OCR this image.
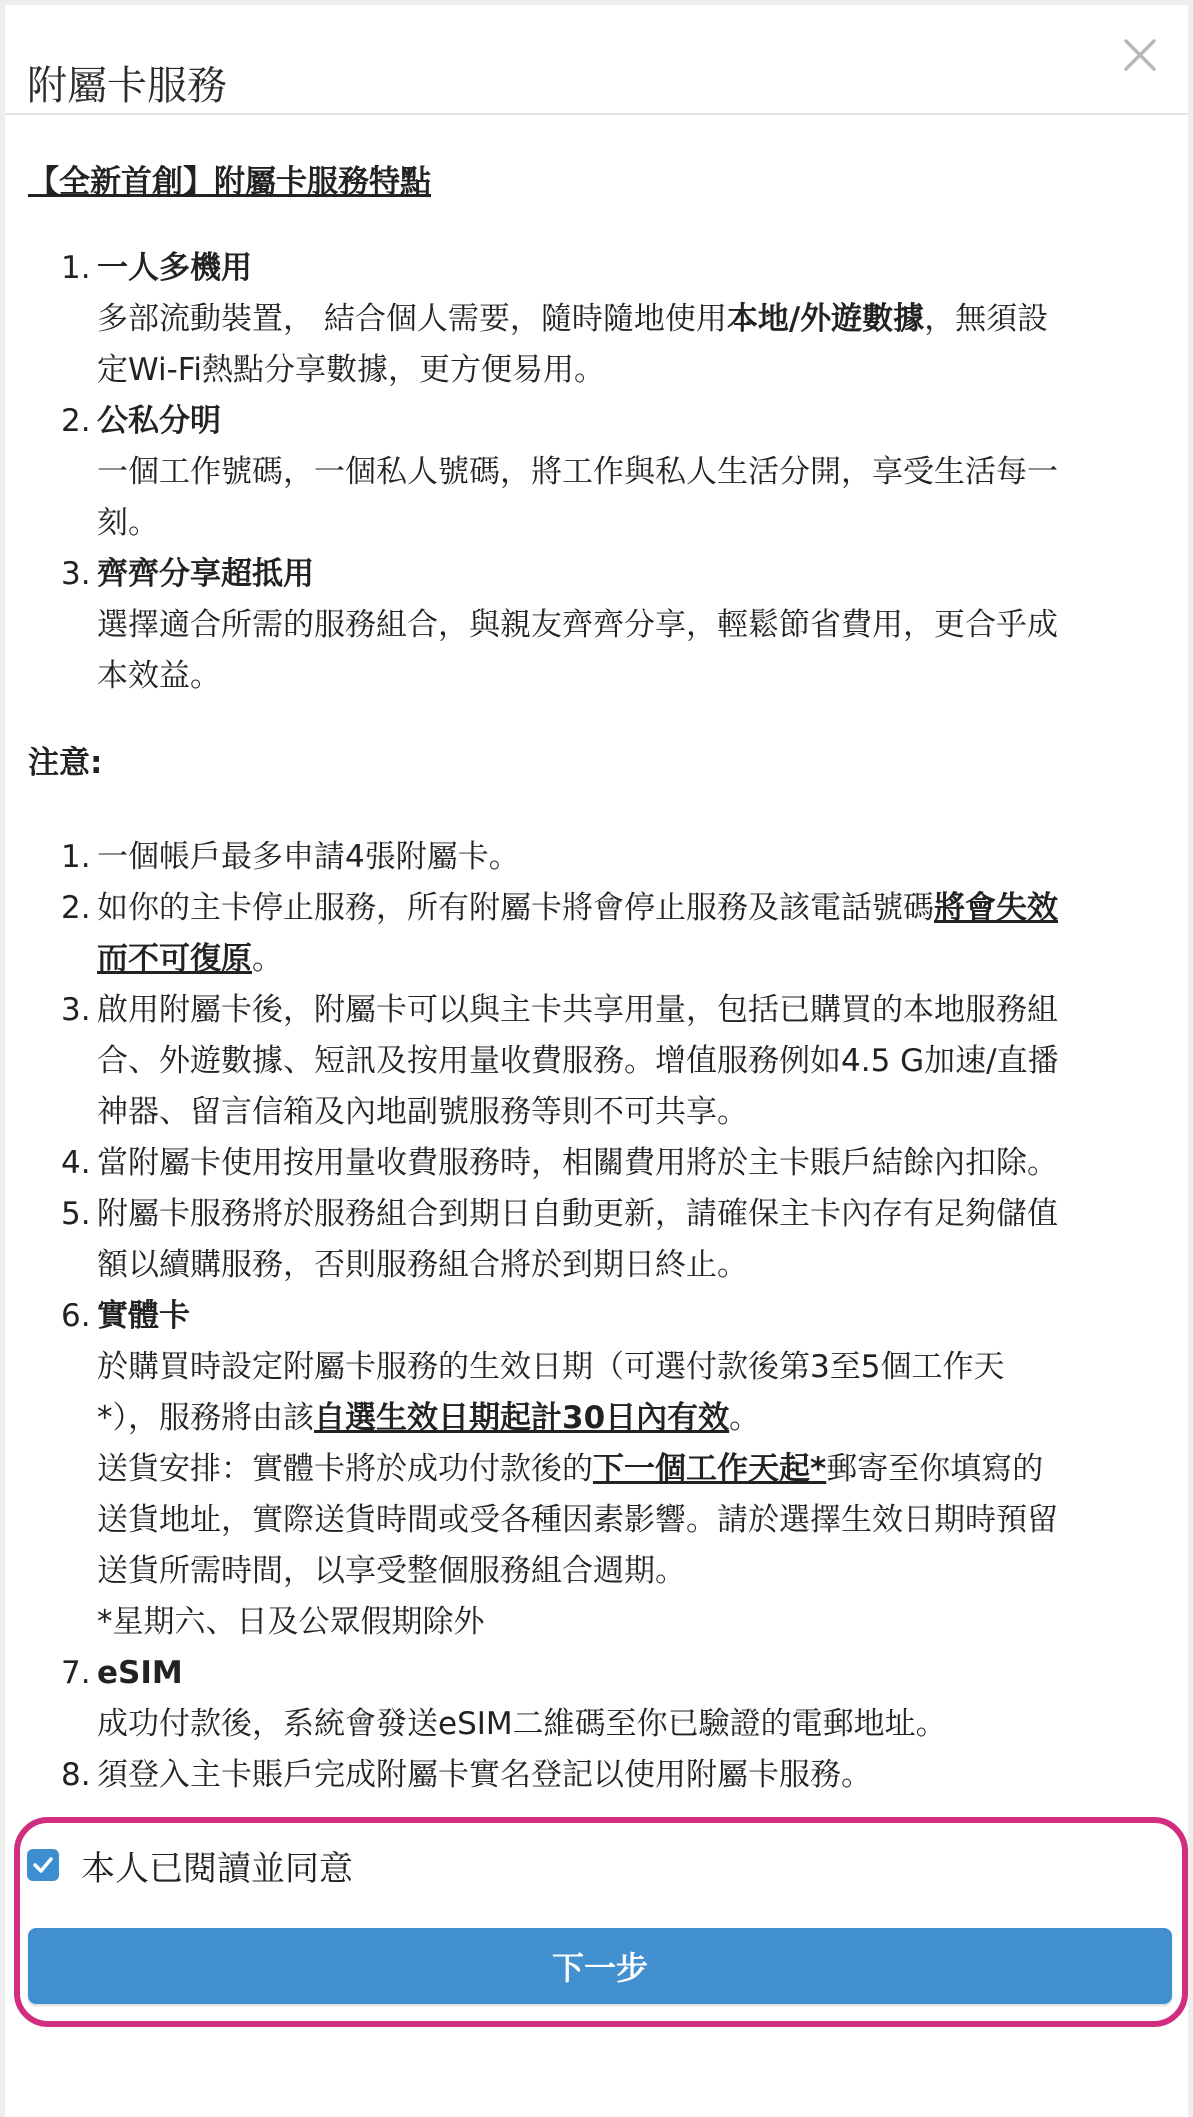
附屬卡服務

【全新首創】附屬卡服務特點

1. 一人多機用
多部流動裝置， 結合個人需要，隨時隨地使用本地/外遊數據，無須設
定Wi-Fi熱點分享數據，更方便易用。
2. 公私分明
一個工作號碼，一個私人號碼，將工作與私人生活分開，享受生活每一
刻。
3. 齊齊分享超抵用
選擇適合所需的服務組合，與親友齊齊分享，輕鬆節省費用，更合乎成
本效益。

注意:

1. 一個帳戶最多申請4張附屬卡。
2. 如你的主卡停止服務，所有附屬卡將會停止服務及該電話號碼將會失效
而不可復原。
3. 啟用附屬卡後，附屬卡可以與主卡共享用量，包括已購買的本地服務組
合、外遊數據、短訊及按用量收費服務。增值服務例如4.5 G加速/直播
神器、留言信箱及內地副號服務等則不可共享。
4. 當附屬卡使用按用量收費服務時，相關費用將於主卡賬戶結餘內扣除。
5. 附屬卡服務將於服務組合到期日自動更新，請確保主卡內存有足夠儲值
額以續購服務，否則服務組合將於到期日終止。
6. 實體卡
於購買時設定附屬卡服務的生效日期（可選付款後第3至5個工作天
*），服務將由該自選生效日期起計30日內有效。
送貨安排：實體卡將於成功付款後的下一個工作天起*郵寄至你填寫的
送貨地址，實際送貨時間或受各種因素影響。請於選擇生效日期時預留
送貨所需時間，以享受整個服務組合週期。
*星期六、日及公眾假期除外
7. eSIM
成功付款後，系統會發送eSIM二維碼至你已驗證的電郵地址。
8. 須登入主卡賬戶完成附屬卡實名登記以使用附屬卡服務。
本人已閱讀並同意
下一步
